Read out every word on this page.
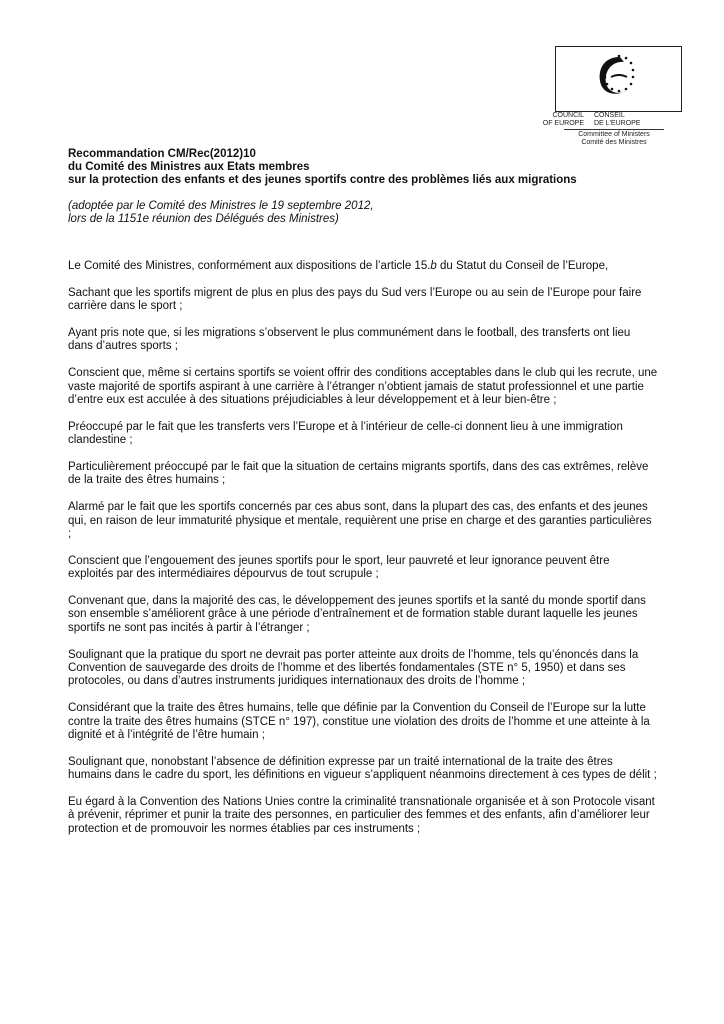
COUNCIL	CONSEIL
OF EUROPE	DE L'EUROPE
Committee of Ministers
Comité des Ministres
Recommandation CM/Rec(2012)10
du Comité des Ministres aux Etats membres
sur la protection des enfants et des jeunes sportifs contre des problèmes liés aux migrations
(adoptée par le Comité des Ministres le 19 septembre 2012,
lors de la 1151e réunion des Délégués des Ministres)

Le Comité des Ministres, conformément aux dispositions de l’article 15.b du Statut du Conseil de l’Europe,

Sachant que les sportifs migrent de plus en plus des pays du Sud vers l’Europe ou au sein de l’Europe pour faire carrière dans le sport ;

Ayant pris note que, si les migrations s’observent le plus communément dans le football, des transferts ont lieu dans d’autres sports ;

Conscient que, même si certains sportifs se voient offrir des conditions acceptables dans le club qui les recrute, une vaste majorité de sportifs aspirant à une carrière à l’étranger n’obtient jamais de statut professionnel et une partie d’entre eux est acculée à des situations préjudiciables à leur développement et à leur bien-être ;

Préoccupé par le fait que les transferts vers l’Europe et à l’intérieur de celle-ci donnent lieu à une immigration clandestine ;

Particulièrement préoccupé par le fait que la situation de certains migrants sportifs, dans des cas extrêmes, relève de la traite des êtres humains ;

Alarmé par le fait que les sportifs concernés par ces abus sont, dans la plupart des cas, des enfants et des jeunes qui, en raison de leur immaturité physique et mentale, requièrent une prise en charge et des garanties particulières ;

Conscient que l’engouement des jeunes sportifs pour le sport, leur pauvreté et leur ignorance peuvent être exploités par des intermédiaires dépourvus de tout scrupule ;

Convenant que, dans la majorité des cas, le développement des jeunes sportifs et la santé du monde sportif dans son ensemble s’améliorent grâce à une période d’entraînement et de formation stable durant laquelle les jeunes sportifs ne sont pas incités à partir à l’étranger ;

Soulignant que la pratique du sport ne devrait pas porter atteinte aux droits de l’homme, tels qu’énoncés dans la Convention de sauvegarde des droits de l’homme et des libertés fondamentales (STE n° 5, 1950) et dans ses protocoles, ou dans d’autres instruments juridiques internationaux des droits de l’homme ;

Considérant que la traite des êtres humains, telle que définie par la Convention du Conseil de l’Europe sur la lutte contre la traite des êtres humains (STCE n° 197), constitue une violation des droits de l’homme et une atteinte à la dignité et à l’intégrité de l’être humain ;

Soulignant que, nonobstant l’absence de définition expresse par un traité international de la traite des êtres humains dans le cadre du sport, les définitions en vigueur s’appliquent néanmoins directement à ces types de délit ;

Eu égard à la Convention des Nations Unies contre la criminalité transnationale organisée et à son Protocole visant à prévenir, réprimer et punir la traite des personnes, en particulier des femmes et des enfants, afin d’améliorer leur protection et de promouvoir les normes établies par ces instruments ;
